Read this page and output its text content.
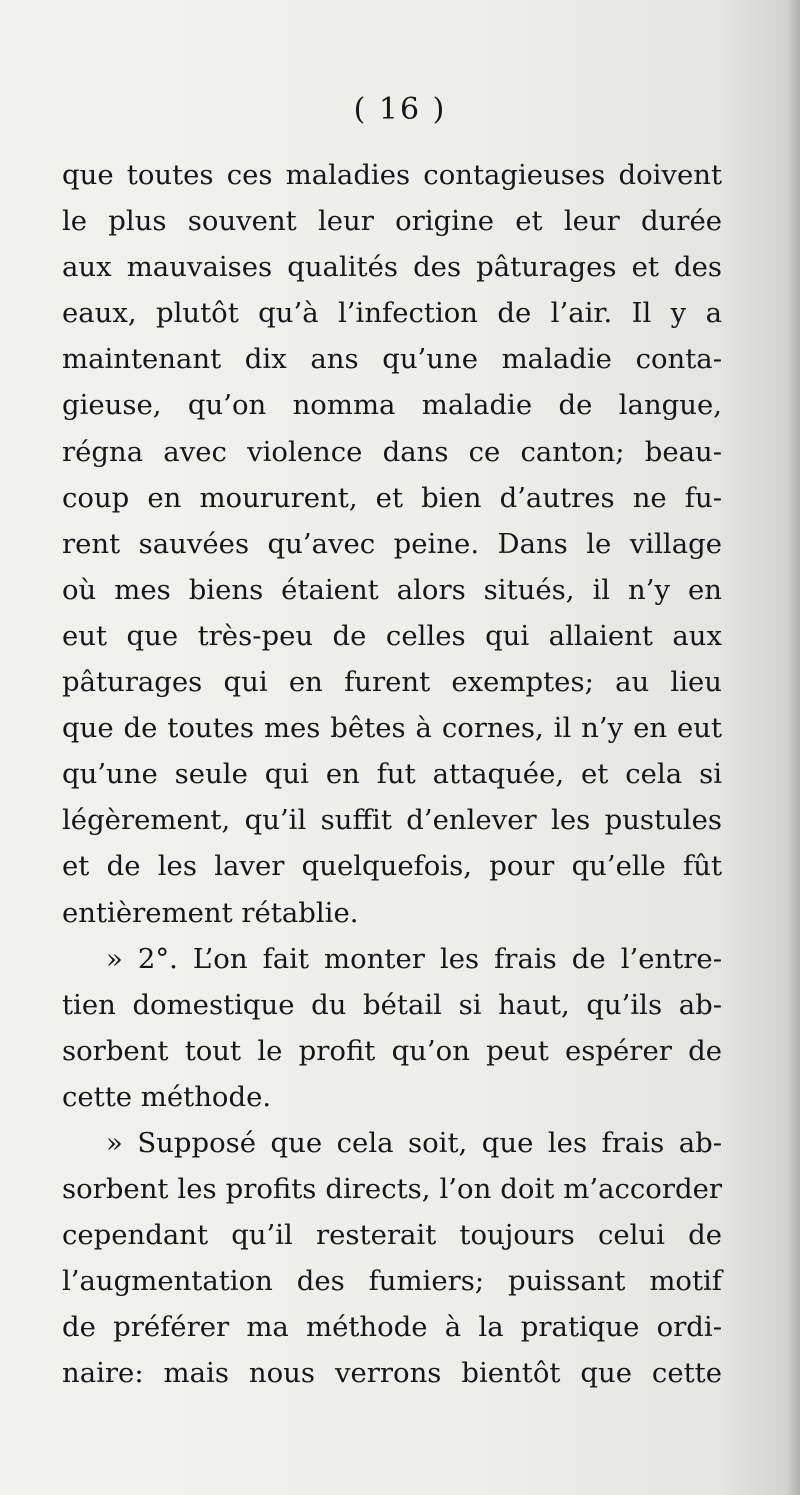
( 16 )
que toutes ces maladies contagieuses doivent
le plus souvent leur origine et leur durée
aux mauvaises qualités des pâturages et des
eaux, plutôt qu’à l’infection de l’air. Il y a
maintenant dix ans qu’une maladie conta-
gieuse, qu’on nomma maladie de langue,
régna avec violence dans ce canton; beau-
coup en moururent, et bien d’autres ne fu-
rent sauvées qu’avec peine. Dans le village
où mes biens étaient alors situés, il n’y en
eut que très-peu de celles qui allaient aux
pâturages qui en furent exemptes; au lieu
que de toutes mes bêtes à cornes, il n’y en eut
qu’une seule qui en fut attaquée, et cela si
légèrement, qu’il suffit d’enlever les pustules
et de les laver quelquefois, pour qu’elle fût
entièrement rétablie.
» 2°. L’on fait monter les frais de l’entre-
tien domestique du bétail si haut, qu’ils ab-
sorbent tout le profit qu’on peut espérer de
cette méthode.
» Supposé que cela soit, que les frais ab-
sorbent les profits directs, l’on doit m’accorder
cependant qu’il resterait toujours celui de
l’augmentation des fumiers; puissant motif
de préférer ma méthode à la pratique ordi-
naire: mais nous verrons bientôt que cette
